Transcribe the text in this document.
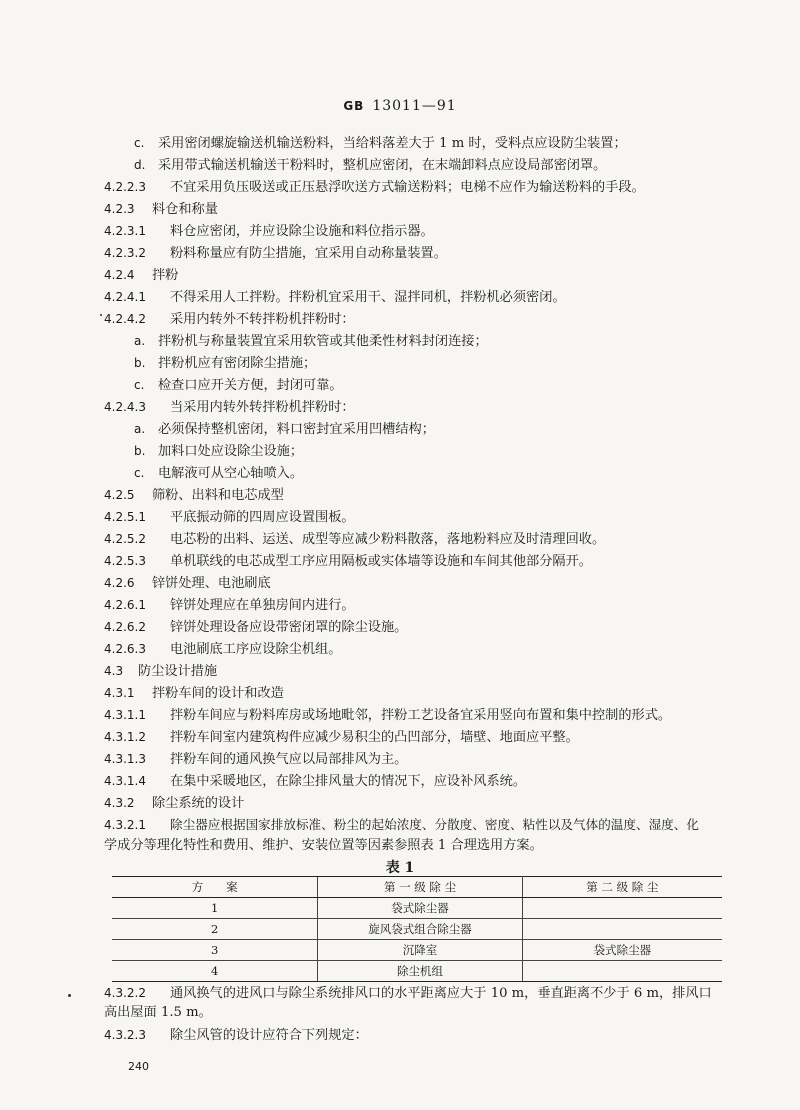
GB 13011—91
c. 采用密闭螺旋输送机输送粉料，当给料落差大于 1 m 时，受料点应设防尘装置；
d. 采用带式输送机输送干粉料时，整机应密闭，在末端卸料点应设局部密闭罩。
4.2.2.3 不宜采用负压吸送或正压悬浮吹送方式输送粉料；电梯不应作为输送粉料的手段。
4.2.3 料仓和称量
4.2.3.1 料仓应密闭，并应设除尘设施和料位指示器。
4.2.3.2 粉料称量应有防尘措施，宜采用自动称量装置。
4.2.4 拌粉
4.2.4.1 不得采用人工拌粉。拌粉机宜采用干、湿拌同机，拌粉机必须密闭。
4.2.4.2 采用内转外不转拌粉机拌粉时：
a. 拌粉机与称量装置宜采用软管或其他柔性材料封闭连接；
b. 拌粉机应有密闭除尘措施；
c. 检查口应开关方便，封闭可靠。
4.2.4.3 当采用内转外转拌粉机拌粉时：
a. 必须保持整机密闭，料口密封宜采用凹槽结构；
b. 加料口处应设除尘设施；
c. 电解液可从空心轴喷入。
4.2.5 筛粉、出料和电芯成型
4.2.5.1 平底振动筛的四周应设置围板。
4.2.5.2 电芯粉的出料、运送、成型等应减少粉料散落，落地粉料应及时清理回收。
4.2.5.3 单机联线的电芯成型工序应用隔板或实体墙等设施和车间其他部分隔开。
4.2.6 锌饼处理、电池刷底
4.2.6.1 锌饼处理应在单独房间内进行。
4.2.6.2 锌饼处理设备应设带密闭罩的除尘设施。
4.2.6.3 电池刷底工序应设除尘机组。
4.3 防尘设计措施
4.3.1 拌粉车间的设计和改造
4.3.1.1 拌粉车间应与粉料库房或场地毗邻，拌粉工艺设备宜采用竖向布置和集中控制的形式。
4.3.1.2 拌粉车间室内建筑构件应减少易积尘的凸凹部分，墙壁、地面应平整。
4.3.1.3 拌粉车间的通风换气应以局部排风为主。
4.3.1.4 在集中采暖地区，在除尘排风量大的情况下，应设补风系统。
4.3.2 除尘系统的设计
4.3.2.1 除尘器应根据国家排放标准、粉尘的起始浓度、分散度、密度、粘性以及气体的温度、湿度、化
学成分等理化特性和费用、维护、安装位置等因素参照表 1 合理选用方案。
表 1
方　　案	第 一 级 除 尘	第 二 级 除 尘
1	袋式除尘器	
2	旋风袋式组合除尘器	
3	沉降室	袋式除尘器
4	除尘机组	
4.3.2.2 通风换气的进风口与除尘系统排风口的水平距离应大于 10 m，垂直距离不少于 6 m，排风口
高出屋面 1.5 m。
4.3.2.3 除尘风管的设计应符合下列规定：
240
